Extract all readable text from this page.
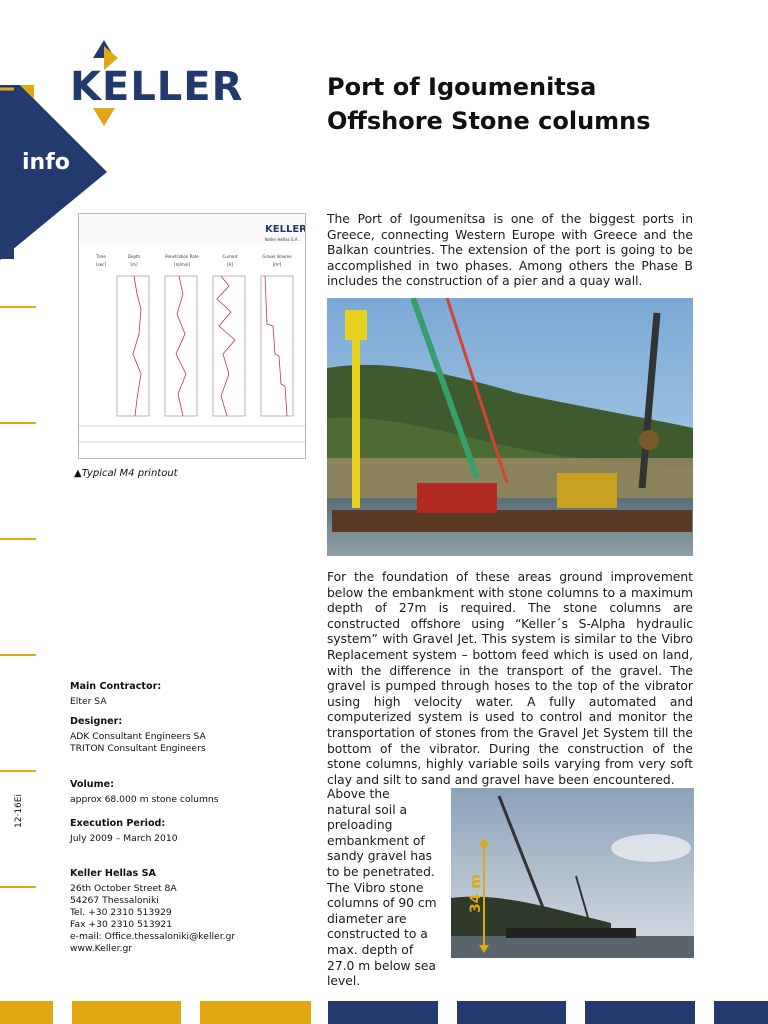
KELLER
info
Port of Igoumenitsa
Offshore Stone columns
The Port of Igoumenitsa is one of the biggest ports in Greece, connecting Western Europe with Greece and the Balkan countries. The extension of the port is going to be accomplished in two phases. Among others the Phase B includes the construction of a pier and a quay wall.
For the foundation of these areas ground improvement below the embankment with stone columns to a maximum depth of 27m is required. The stone columns are constructed offshore using “Keller´s S-Alpha hydraulic system” with Gravel Jet. This system is similar to the Vibro Replacement system – bottom feed which is used on land, with the difference in the transport of the gravel. The gravel is pumped through hoses to the top of the vibrator using high velocity water. A fully automated and computerized system is used to control and monitor the transportation of stones from the Gravel Jet System till the bottom of the vibrator. During the construction of the stone columns, highly variable soils varying from very soft clay and silt to sand and gravel have been encountered.
Above the natural soil a preloading embankment of sandy gravel has to be penetrated. The Vibro stone columns of 90 cm diameter are constructed to a max. depth of 27.0 m below sea level.
34 m
KELLER
Keller Hellas S.A.
Time	Depth	Penetration Rate	Current	Gravel Volume
[sec]	[m]	[m/min]	[A]	[m³]
▲Typical M4 printout
Main Contractor:
Elter SA
Designer:
ADK Consultant Engineers SA
TRITON Consultant Engineers
Volume:
approx 68.000 m stone columns
Execution Period:
July 2009 – March 2010
Keller Hellas SA
26th October Street 8A
54267 Thessaloniki
Tel. +30 2310 513929
Fax +30 2310 513921
e-mail: Office.thessaloniki@keller.gr
www.Keller.gr
12·16Ei
